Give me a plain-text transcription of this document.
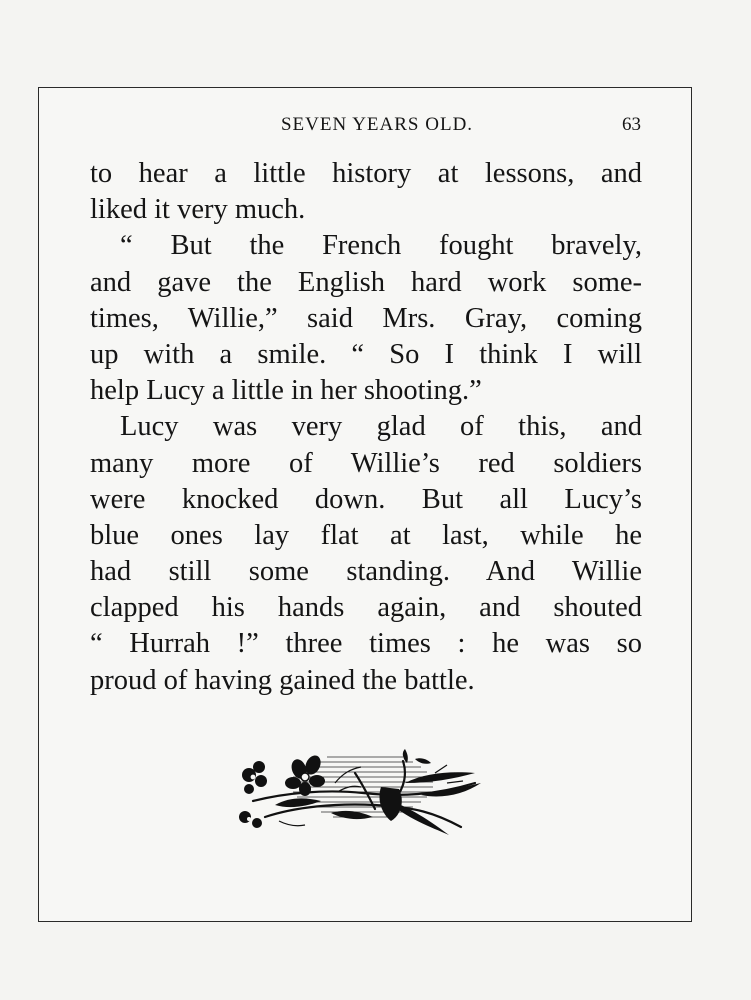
SEVEN YEARS OLD.	63
to hear a little history at lessons, and
liked it very much.
“ But the French fought bravely,
and gave the English hard work some-
times, Willie,” said Mrs. Gray, coming
up with a smile. “ So I think I will
help Lucy a little in her shooting.”
Lucy was very glad of this, and
many more of Willie’s red soldiers
were knocked down. But all Lucy’s
blue ones lay flat at last, while he
had still some standing. And Willie
clapped his hands again, and shouted
“ Hurrah !” three times : he was so
proud of having gained the battle.
